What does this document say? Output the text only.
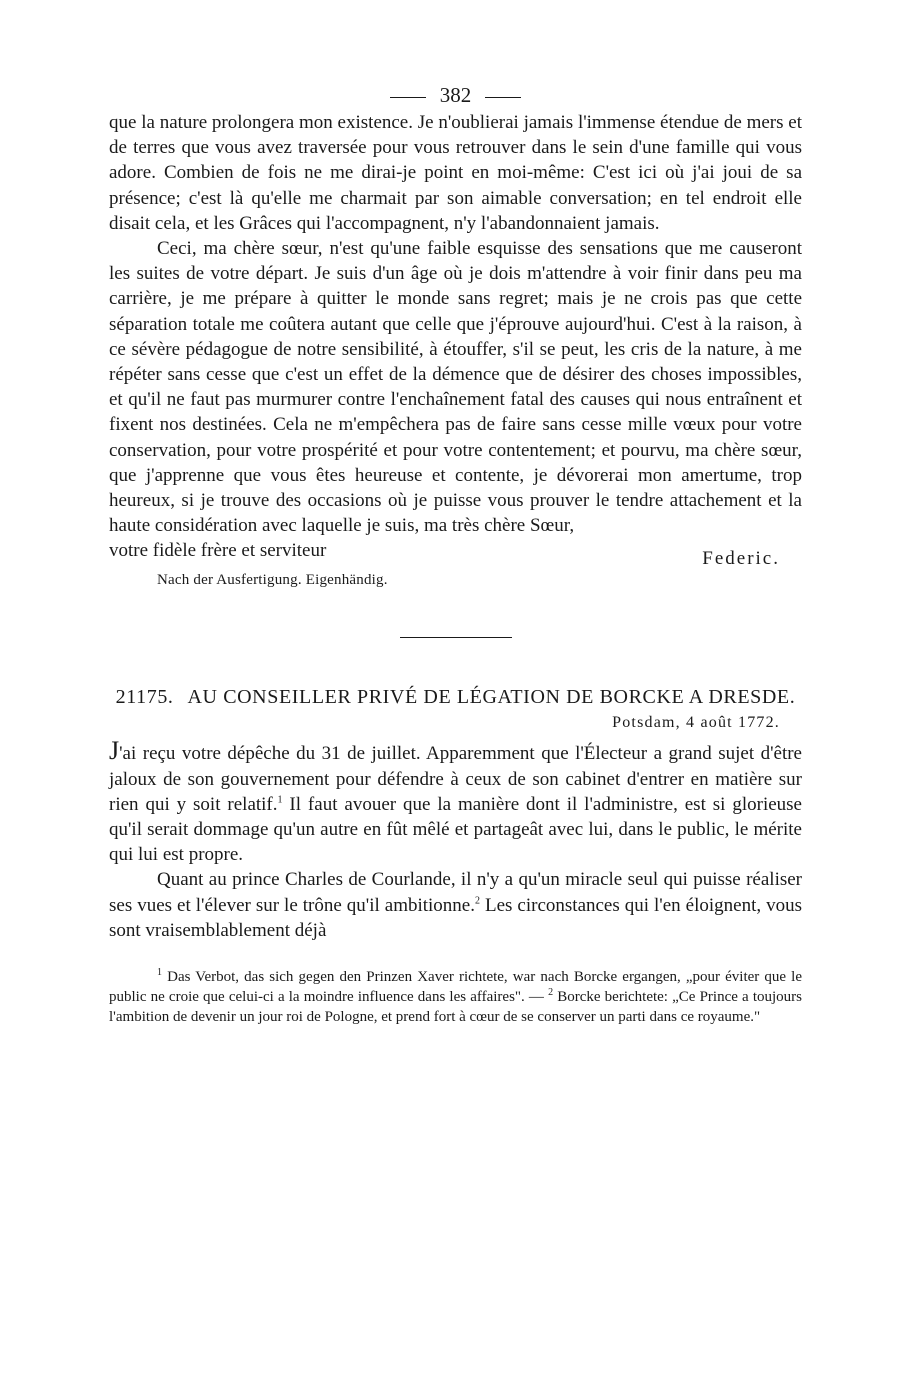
382

que la nature prolongera mon existence. Je n'oublierai jamais l'immense étendue de mers et de terres que vous avez traversée pour vous retrouver dans le sein d'une famille qui vous adore. Combien de fois ne me dirai-je point en moi-même: C'est ici où j'ai joui de sa présence; c'est là qu'elle me charmait par son aimable conversation; en tel endroit elle disait cela, et les Grâces qui l'accompagnent, n'y l'abandonnaient jamais.

Ceci, ma chère sœur, n'est qu'une faible esquisse des sensations que me causeront les suites de votre départ. Je suis d'un âge où je dois m'attendre à voir finir dans peu ma carrière, je me prépare à quitter le monde sans regret; mais je ne crois pas que cette séparation totale me coûtera autant que celle que j'éprouve aujourd'hui. C'est à la raison, à ce sévère pédagogue de notre sensibilité, à étouffer, s'il se peut, les cris de la nature, à me répéter sans cesse que c'est un effet de la démence que de désirer des choses impossibles, et qu'il ne faut pas murmurer contre l'enchaînement fatal des causes qui nous entraînent et fixent nos destinées. Cela ne m'empêchera pas de faire sans cesse mille vœux pour votre conservation, pour votre prospérité et pour votre contentement; et pourvu, ma chère sœur, que j'apprenne que vous êtes heureuse et contente, je dévorerai mon amertume, trop heureux, si je trouve des occasions où je puisse vous prouver le tendre attachement et la haute considération avec laquelle je suis, ma très chère Sœur,

votre fidèle frère et serviteur	Federic.
Nach der Ausfertigung. Eigenhändig.
21175. AU CONSEILLER PRIVÉ DE LÉGATION DE BORCKE A DRESDE.
Potsdam, 4 août 1772.

J'ai reçu votre dépêche du 31 de juillet. Apparemment que l'Électeur a grand sujet d'être jaloux de son gouvernement pour défendre à ceux de son cabinet d'entrer en matière sur rien qui y soit relatif.$^1$ Il faut avouer que la manière dont il l'administre, est si glorieuse qu'il serait dommage qu'un autre en fût mêlé et partageât avec lui, dans le public, le mérite qui lui est propre.

Quant au prince Charles de Courlande, il n'y a qu'un miracle seul qui puisse réaliser ses vues et l'élever sur le trône qu'il ambitionne.$^2$ Les circonstances qui l'en éloignent, vous sont vraisemblablement déjà

$^1$ Das Verbot, das sich gegen den Prinzen Xaver richtete, war nach Borcke ergangen, „pour éviter que le public ne croie que celui-ci a la moindre influence dans les affaires". — $^2$ Borcke berichtete: „Ce Prince a toujours l'ambition de devenir un jour roi de Pologne, et prend fort à cœur de se conserver un parti dans ce royaume."
